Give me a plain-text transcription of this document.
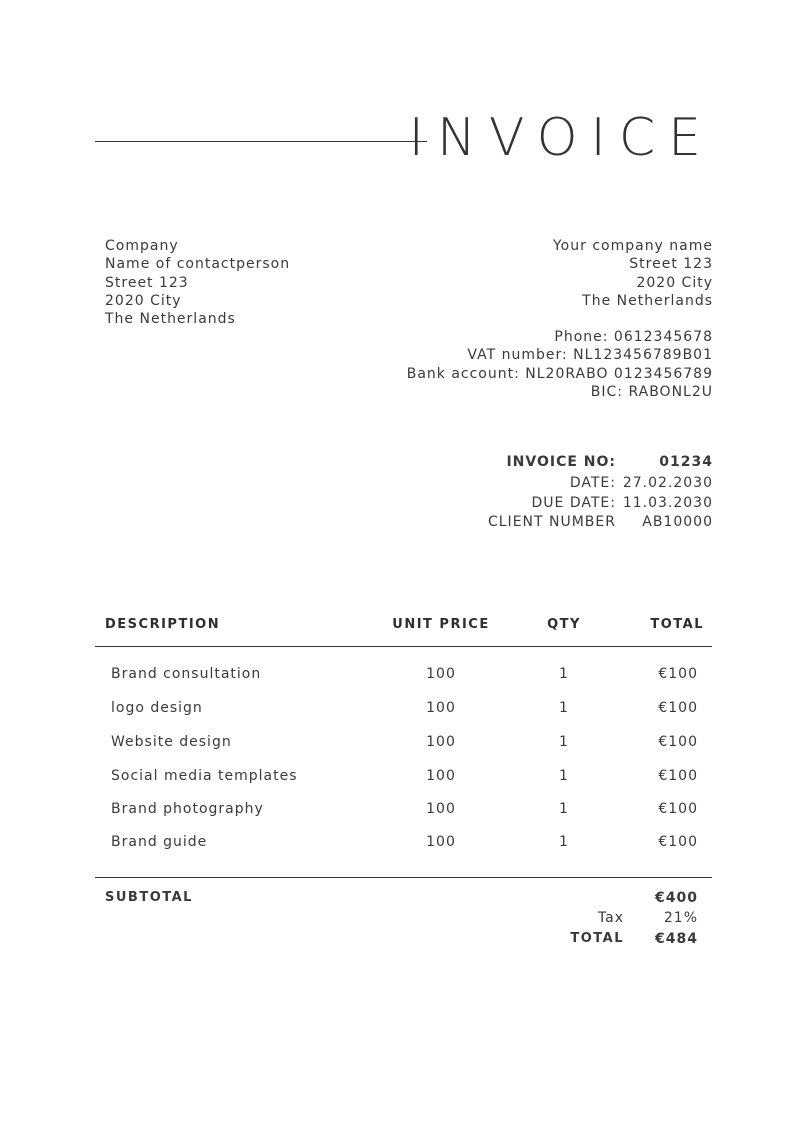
INVOICE
Company
Name of contactperson
Street 123
2020 City
The Netherlands
Your company name
Street 123
2020 City
The Netherlands
Phone: 0612345678
VAT number: NL123456789B01
Bank account: NL20RABO 0123456789
BIC: RABONL2U
INVOICE NO:	01234
DATE: 27.02.2030
DUE DATE: 11.03.2030
CLIENT NUMBER AB10000
DESCRIPTION	UNIT PRICE	QTY	TOTAL
Brand consultation	100	1	€100
logo design	100	1	€100
Website design	100	1	€100
Social media templates	100	1	€100
Brand photography	100	1	€100
Brand guide	100	1	€100
SUBTOTAL	€400
Tax	21%
TOTAL €484
